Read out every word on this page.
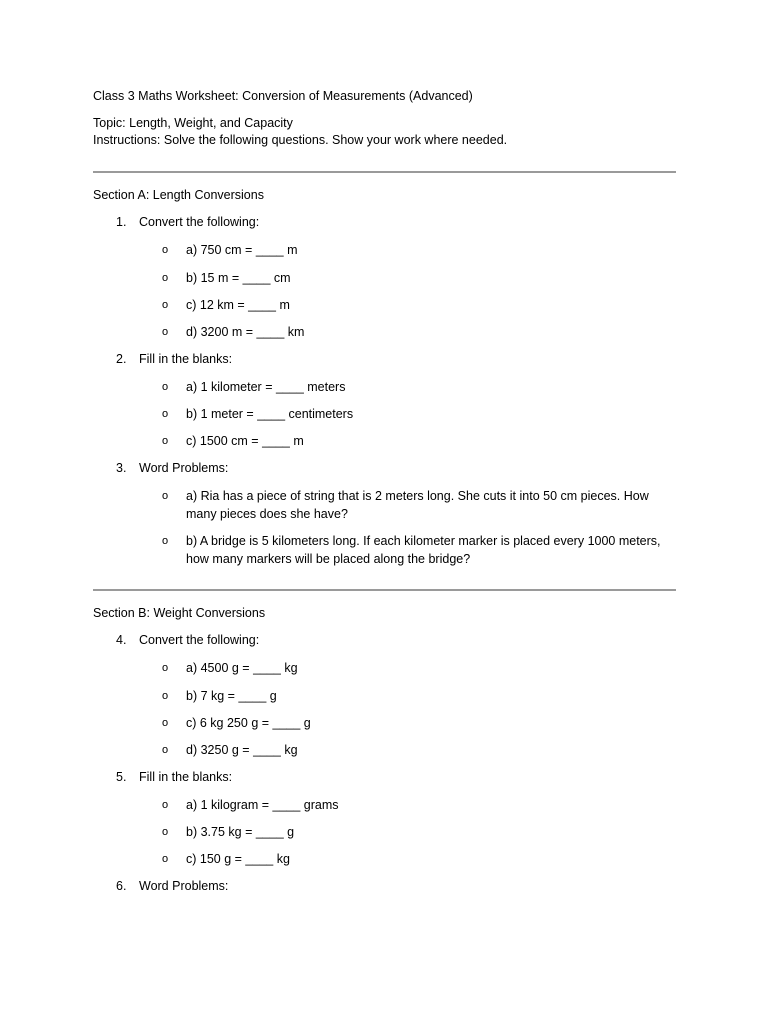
Class 3 Maths Worksheet: Conversion of Measurements (Advanced)
Topic: Length, Weight, and Capacity
Instructions: Solve the following questions. Show your work where needed.
Section A: Length Conversions
1. Convert the following:
o a) 750 cm = ____ m
o b) 15 m = ____ cm
o c) 12 km = ____ m
o d) 3200 m = ____ km
2. Fill in the blanks:
o a) 1 kilometer = ____ meters
o b) 1 meter = ____ centimeters
o c) 1500 cm = ____ m
3. Word Problems:
o a) Ria has a piece of string that is 2 meters long. She cuts it into 50 cm pieces. How many pieces does she have?
o b) A bridge is 5 kilometers long. If each kilometer marker is placed every 1000 meters, how many markers will be placed along the bridge?
Section B: Weight Conversions
4. Convert the following:
o a) 4500 g = ____ kg
o b) 7 kg = ____ g
o c) 6 kg 250 g = ____ g
o d) 3250 g = ____ kg
5. Fill in the blanks:
o a) 1 kilogram = ____ grams
o b) 3.75 kg = ____ g
o c) 150 g = ____ kg
6. Word Problems:
